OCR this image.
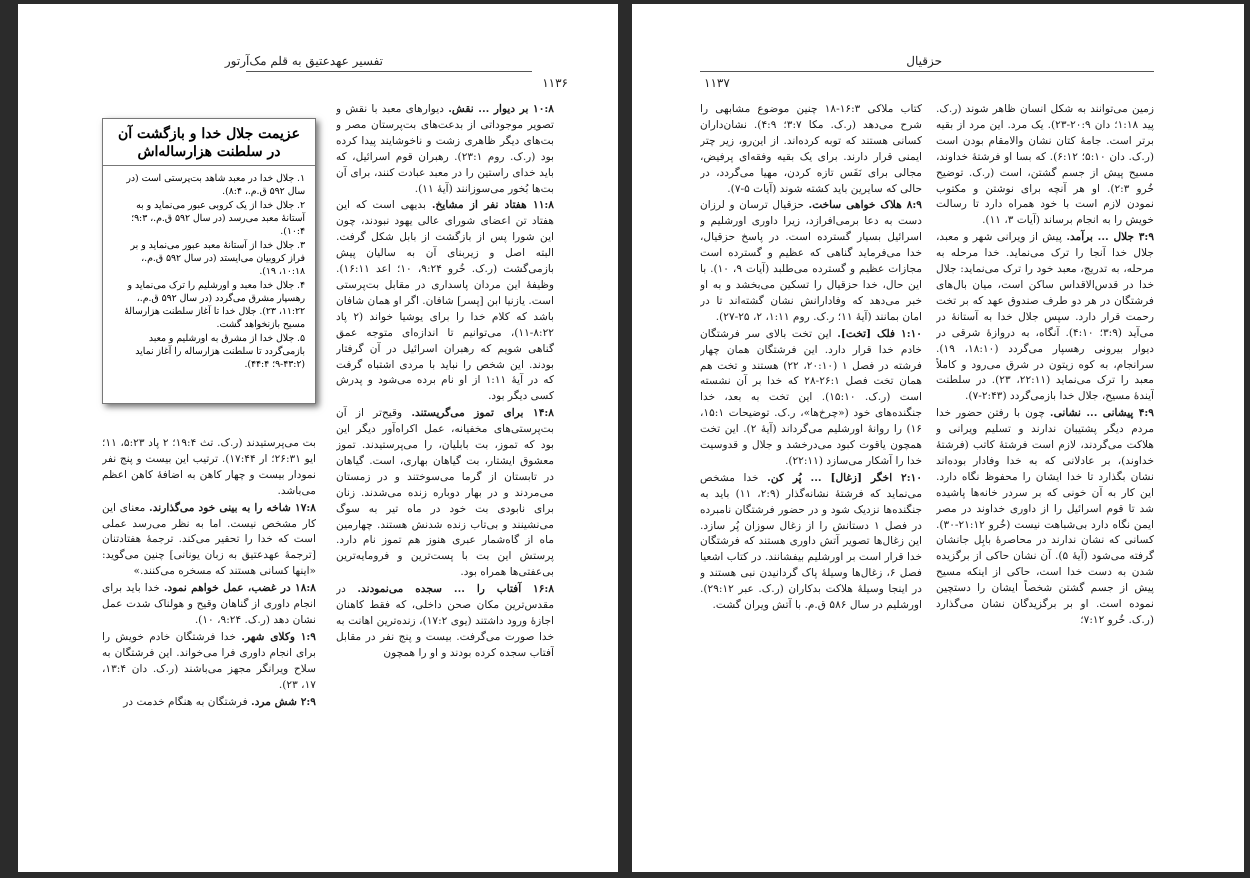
تفسیر عهدعتیق به قلم مک‌آرتور
۱۱۳۶
عزیمت جلال خدا و بازگشت آن در سلطنت هزارساله‌اش
۱. جلال خدا در معبد شاهد بت‌پرستی است (در سال ۵۹۲ ق.م.، ۸:۴).
۲. جلال خدا از یک کروبی عبور می‌نماید و به آستانهٔ معبد می‌رسد (در سال ۵۹۲ ق.م.، ۹:۳؛ ۱۰:۴).
۳. جلال خدا از آستانهٔ معبد عبور می‌نماید و بر فراز کروبیان می‌ایستد (در سال ۵۹۲ ق.م.، ۱۰:۱۸، ۱۹).
۴. جلال خدا معبد و اورشلیم را ترک می‌نماید و رهسپار مشرق می‌گردد (در سال ۵۹۲ ق.م.، ۱۱:۲۲، ۲۳). جلال خدا تا آغاز سلطنت هزارسالهٔ مسیح بازنخواهد گشت.
۵. جلال خدا از مشرق به اورشلیم و معبد بازمی‌گردد تا سلطنت هزارساله را آغاز نماید (۴۳:۲-۹؛ ۴۴:۴).

۱۰:۸ بر دیوار ... نقش. دیوارهای معبد با نقش و تصویر موجوداتی از بدعت‌های بت‌پرستان مصر و بت‌های دیگر ظاهری زشت و ناخوشایند پیدا کرده بود (ر.ک. روم ۲۳:۱). رهبران قوم اسرائیل، که باید خدای راستین را در معبد عبادت کنند، برای آن بت‌ها بُخور می‌سوزانند (آیهٔ ۱۱).

۱۱:۸ هفتاد نفر از مشایخ. بدیهی است که این هفتاد تن اعضای شورای عالی یهود نبودند، چون این شورا پس از بازگشت از بابل شکل گرفت. البته اصل و زیربنای آن به سالیان پیش بازمی‌گشت (ر.ک. خُرو ۹:۲۴، ۱۰؛ اعد ۱۶:۱۱). وظیفهٔ این مردان پاسداری در مقابل بت‌پرستی است. یازنیا ابن [پسر] شافان. اگر او همان شافان باشد که کلام خدا را برای یوشیا خواند (۲ پاد ۸:۲۲-۱۱)، می‌توانیم تا اندازه‌ای متوجه عمق گناهی شویم که رهبران اسرائیل در آن گرفتار بودند. این شخص را نباید با مردی اشتباه گرفت که در آیهٔ ۱:۱۱ از او نام برده می‌شود و پدرش کسی دیگر بود.

۱۴:۸ برای تموز می‌گریستند. وقیح‌تر از آن بت‌پرستی‌های مخفیانه، عمل اکراه‌آور دیگر این بود که تموز، بت بابلیان، را می‌پرستیدند. تموز معشوق ایشتار، بت گیاهان بهاری، است. گیاهان در تابستان از گرما می‌سوختند و در زمستان می‌مردند و در بهار دوباره زنده می‌شدند. زنان برای نابودی بت خود در ماه تیر به سوگ می‌نشینند و بی‌تاب زنده شدنش هستند. چهارمین ماه از گاه‌شمار عبری هنوز هم تموز نام دارد. پرستش این بت با پست‌ترین و فرومایه‌ترین بی‌عفتی‌ها همراه بود.

۱۶:۸ آفتاب را ... سجده می‌نمودند. در مقدس‌ترین مکان صحن داخلی، که فقط کاهنان اجازهٔ ورود داشتند (یوی ۱۷:۲)، زنده‌ترین اهانت به خدا صورت می‌گرفت. بیست و پنج نفر در مقابل آفتاب سجده کرده بودند و او را همچون

بت می‌پرستیدند (ر.ک. تث ۱۹:۴؛ ۲ پاد ۵:۲۳، ۱۱؛ ایو ۲۶:۳۱؛ ار ۱۷:۴۴). ترتیب این بیست و پنج نفر نمودار بیست و چهار کاهن به اضافهٔ کاهن اعظم می‌باشد.

۱۷:۸ شاخه را به بینی خود می‌گذارند. معنای این کار مشخص نیست. اما به نظر می‌رسد عملی است که خدا را تحقیر می‌کند. ترجمهٔ هفتادتنان [ترجمهٔ عهدعتیق به زبان یونانی] چنین می‌گوید: «اینها کسانی هستند که مسخره می‌کنند.»

۱۸:۸ در غضب، عمل خواهم نمود. خدا باید برای انجام داوری از گناهان وقیح و هولناک شدت عمل نشان دهد (ر.ک. ۹:۲۴، ۱۰).

۱:۹ وکلای شهر. خدا فرشتگان خادم خویش را برای انجام داوری فرا می‌خواند. این فرشتگان به سلاح ویرانگر مجهز می‌باشند (ر.ک. دان ۱۳:۴، ۱۷، ۲۳).

۲:۹ شش مرد. فرشتگان به هنگام خدمت در

حزقیال
۱۱۳۷

زمین می‌توانند به شکل انسان ظاهر شوند (ر.ک. پید ۱:۱۸؛ دان ۲۰:۹-۲۳). یک مرد. این مرد از بقیه برتر است. جامهٔ کتان نشان والامقام بودن است (ر.ک. دان ۵:۱۰؛ ۶:۱۲). که بسا او فرشتهٔ خداوند، مسیح پیش از جسم گشتن، است (ر.ک. توضیح خُرو ۲:۳). او هر آنچه برای نوشتن و مکتوب نمودن لازم است با خود همراه دارد تا رسالت خویش را به انجام برساند (آیات ۳، ۱۱).

۳:۹ جلال ... برآمد. پیش از ویرانی شهر و معبد، جلال خدا آنجا را ترک می‌نماید. خدا مرحله به مرحله، به تدریج، معبد خود را ترک می‌نماید: جلال خدا در قدس‌الاقداس ساکن است، میان بال‌های فرشتگان در هر دو طرف صندوق عهد که بر تخت رحمت قرار دارد. سپس جلال خدا به آستانهٔ در می‌آید (۳:۹؛ ۴:۱۰). آنگاه، به دروازهٔ شرقی در دیوار بیرونی رهسپار می‌گردد (۱۸:۱۰، ۱۹). سرانجام، به کوه زیتون در شرق می‌رود و کاملاً معبد را ترک می‌نماید (۲۲:۱۱، ۲۳). در سلطنت آیندهٔ مسیح، جلال خدا بازمی‌گردد (۲:۴۳-۷).

۴:۹ پیشانی ... نشانی. چون با رفتن حضور خدا مردم دیگر پشتیبان ندارند و تسلیم ویرانی و هلاکت می‌گردند، لازم است فرشتهٔ کاتب (فرشتهٔ خداوند)، بر عادلانی که به خدا وفادار بوده‌اند نشان بگذارد تا خدا ایشان را محفوظ نگاه دارد. این کار به آن خونی که بر سردر خانه‌ها پاشیده شد تا قوم اسرائیل را از داوری خداوند در مصر ایمن نگاه دارد بی‌شباهت نیست (خُرو ۲۱:۱۲-۳۰). کسانی که نشان ندارند در محاصرهٔ بابِل جانشان گرفته می‌شود (آیهٔ ۵). آن نشان حاکی از برگزیده شدن به دست خدا است، حاکی از اینکه مسیح پیش از جسم گشتن شخصاً ایشان را دستچین نموده است. او بر برگزیدگان نشان می‌گذارد (ر.ک. خُرو ۷:۱۲؛

کتاب ملاکی ۱۶:۳-۱۸ چنین موضوع مشابهی را شرح می‌دهد (ر.ک. مکا ۳:۷؛ ۴:۹). نشان‌داران کسانی هستند که توبه کرده‌اند. از این‌رو، زیر چتر ایمنی قرار دارند. برای یک بقیه وفقه‌ای پرفیض، مجالی برای نَفَس تازه کردن، مهیا می‌گردد، در حالی که سایرین باید کشته شوند (آیات ۵-۷).

۸:۹ هلاک خواهی ساخت. حزقیال ترسان و لرزان دست به دعا برمی‌افرازد، زیرا داوری اورشلیم و اسرائیل بسیار گسترده است. در پاسخ حزقیال، خدا می‌فرماید گناهی که عظیم و گسترده است مجازات عظیم و گسترده می‌طلبد (آیات ۹، ۱۰). با این حال، خدا حزقیال را تسکین می‌بخشد و به او خبر می‌دهد که وفادارانش نشان گشته‌اند تا در امان بمانند (آیهٔ ۱۱؛ ر.ک. روم ۱:۱۱، ۲، ۲۵-۲۷).

۱:۱۰ فلک [تخت]. این تخت بالای سر فرشتگان خادم خدا قرار دارد. این فرشتگان همان چهار فرشته در فصل ۱ (۲۰:۱۰، ۲۲) هستند و تخت هم همان تخت فصل ۲۶:۱-۲۸ که خدا بر آن نشسته است (ر.ک. ۱۵:۱۰). این تخت به بعد، خدا جنگنده‌های خود («چرخ‌ها»، ر.ک. توضیحات ۱۵:۱، ۱۶) را روانهٔ اورشلیم می‌گرداند (آیهٔ ۲). این تخت همچون یاقوت کبود می‌درخشد و جلال و قدوسیت خدا را آشکار می‌سازد (۲۲:۱۱).

۲:۱۰ اخگر [زغال] ... پُر کن. خدا مشخص می‌نماید که فرشتهٔ نشانه‌گذار (۲:۹، ۱۱) باید به جنگنده‌ها نزدیک شود و در حضور فرشتگان نامبرده در فصل ۱ دستانش را از زغال سوزان پُر سازد. این زغال‌ها تصویر آتش داوری هستند که فرشتگان خدا قرار است بر اورشلیم بیفشانند. در کتاب اشعیا فصل ۶، زغال‌ها وسیلهٔ پاک گردانیدن نبی هستند و در اینجا وسیلهٔ هلاکت بدکاران (ر.ک. عبر ۲۹:۱۲). اورشلیم در سال ۵۸۶ ق.م. با آتش ویران گشت.
